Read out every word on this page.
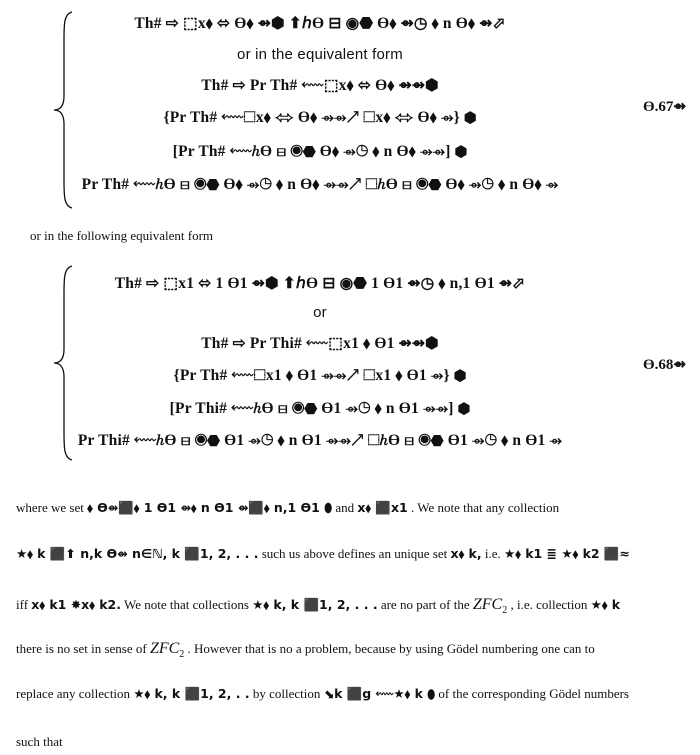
Th# ⇨ ⬚x⬧ ⬄ Ɵ⬧ ⇴⬢ ⬆ℎƟ ⊟ ◉⬣ Ɵ⬧ ⇴◷ ⬧ n Ɵ⬧ ⇴⬀
or in the equivalent form
Th# ⇨ Pr Th# ⬳⬚x⬧ ⬄ Ɵ⬧ ⇴⇴⬢
{Pr Th# ⬳⬚x⬧ ⬄ Ɵ⬧ ⇴⇴↗ ⬚x⬧ ⬄ Ɵ⬧ ⇴} ⬢
[Pr Th# ⬳ℎƟ ⊟ ◉⬣ Ɵ⬧ ⇴◷ ⬧ n Ɵ⬧ ⇴⇴] ⬢
Pr Th# ⬳ℎƟ ⊟ ◉⬣ Ɵ⬧ ⇴◷ ⬧ n Ɵ⬧ ⇴⇴↗ ⬚ℎƟ ⊟ ◉⬣ Ɵ⬧ ⇴◷ ⬧ n Ɵ⬧ ⇴
Ɵ.67⇴
or in the following equivalent form
Th# ⇨ ⬚x1 ⬄ 1 Ɵ1 ⇴⬢ ⬆ℎƟ ⊟ ◉⬣ 1 Ɵ1 ⇴◷ ⬧ n,1 Ɵ1 ⇴⬀
or
Th# ⇨ Pr Thi# ⬳⬚x1 ⬧ Ɵ1 ⇴⇴⬢
{Pr Th# ⬳⬚x1 ⬧ Ɵ1 ⇴⇴↗ ⬚x1 ⬧ Ɵ1 ⇴} ⬢
[Pr Thi# ⬳ℎƟ ⊟ ◉⬣ Ɵ1 ⇴◷ ⬧ n Ɵ1 ⇴⇴] ⬢
Pr Thi# ⬳ℎƟ ⊟ ◉⬣ Ɵ1 ⇴◷ ⬧ n Ɵ1 ⇴⇴↗ ⬚ℎƟ ⊟ ◉⬣ Ɵ1 ⇴◷ ⬧ n Ɵ1 ⇴
Ɵ.68⇴
where we set ⬧ Ɵ⇴⬛⬧ 1 Ɵ1 ⇴⬧ n Ɵ1 ⇴⬛⬧ n,1 Ɵ1 ⬮ and x⬧ ⬛x1 . We note that any collection
★⬧ k ⬛⬆ n,k Ɵ⇴ n∈ℕ, k ⬛1, 2, . . . such us above defines an unique set x⬧ k, i.e. ★⬧ k1 ≣ ★⬧ k2 ⬛≈
iff x⬧ k1 ✸x⬧ k2. We note that collections ★⬧ k, k ⬛1, 2, . . . are no part of the $ZFC_2$ , i.e. collection ★⬧ k
there is no set in sense of $ZFC_2$ . However that is no a problem, because by using Gödel numbering one can to
replace any collection ★⬧ k, k ⬛1, 2, . . by collection ⬊k ⬛g ⬳★⬧ k ⬮ of the corresponding Gödel numbers
such that
